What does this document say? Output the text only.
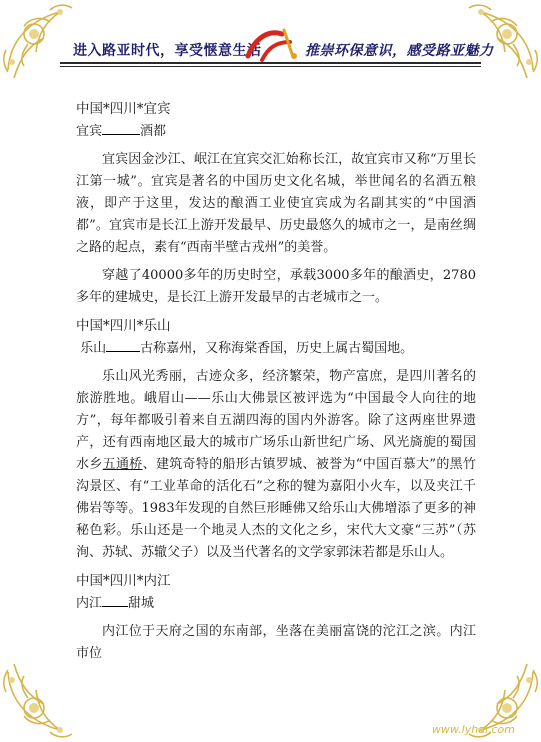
进入路亚时代，享受惬意生活	推崇环保意识，感受路亚魅力

中国*四川*宜宾

宜宾	酒都

宜宾因金沙江、岷江在宜宾交汇始称长江，故宜宾市又称“万里长江第一城”。宜宾是著名的中国历史文化名城，举世闻名的名酒五粮液，即产于这里，发达的酿酒工业使宜宾成为名副其实的“中国酒都”。宜宾市是长江上游开发最早、历史最悠久的城市之一，是南丝绸之路的起点，素有“西南半壁古戎州”的美誉。

穿越了40000多年的历史时空，承载3000多年的酿酒史，2780多年的建城史，是长江上游开发最早的古老城市之一。

中国*四川*乐山

乐山	古称嘉州，又称海棠香国，历史上属古蜀国地。

乐山风光秀丽，古迹众多，经济繁荣，物产富庶，是四川著名的旅游胜地。峨眉山——乐山大佛景区被评选为“中国最令人向往的地方”，每年都吸引着来自五湖四海的国内外游客。除了这两座世界遗产，还有西南地区最大的城市广场乐山新世纪广场、风光旖旎的蜀国水乡五通桥、建筑奇特的船形古镇罗城、被誉为“中国百慕大”的黑竹沟景区、有“工业革命的活化石”之称的犍为嘉阳小火车，以及夹江千佛岩等等。1983年发现的自然巨形睡佛又给乐山大佛增添了更多的神秘色彩。乐山还是一个地灵人杰的文化之乡，宋代大文豪“三苏”（苏洵、苏轼、苏辙父子）以及当代著名的文学家郭沫若都是乐山人。

中国*四川*内江

内江 甜城

内江位于天府之国的东南部，坐落在美丽富饶的沱江之滨。内江市位

www.lyhai.com
